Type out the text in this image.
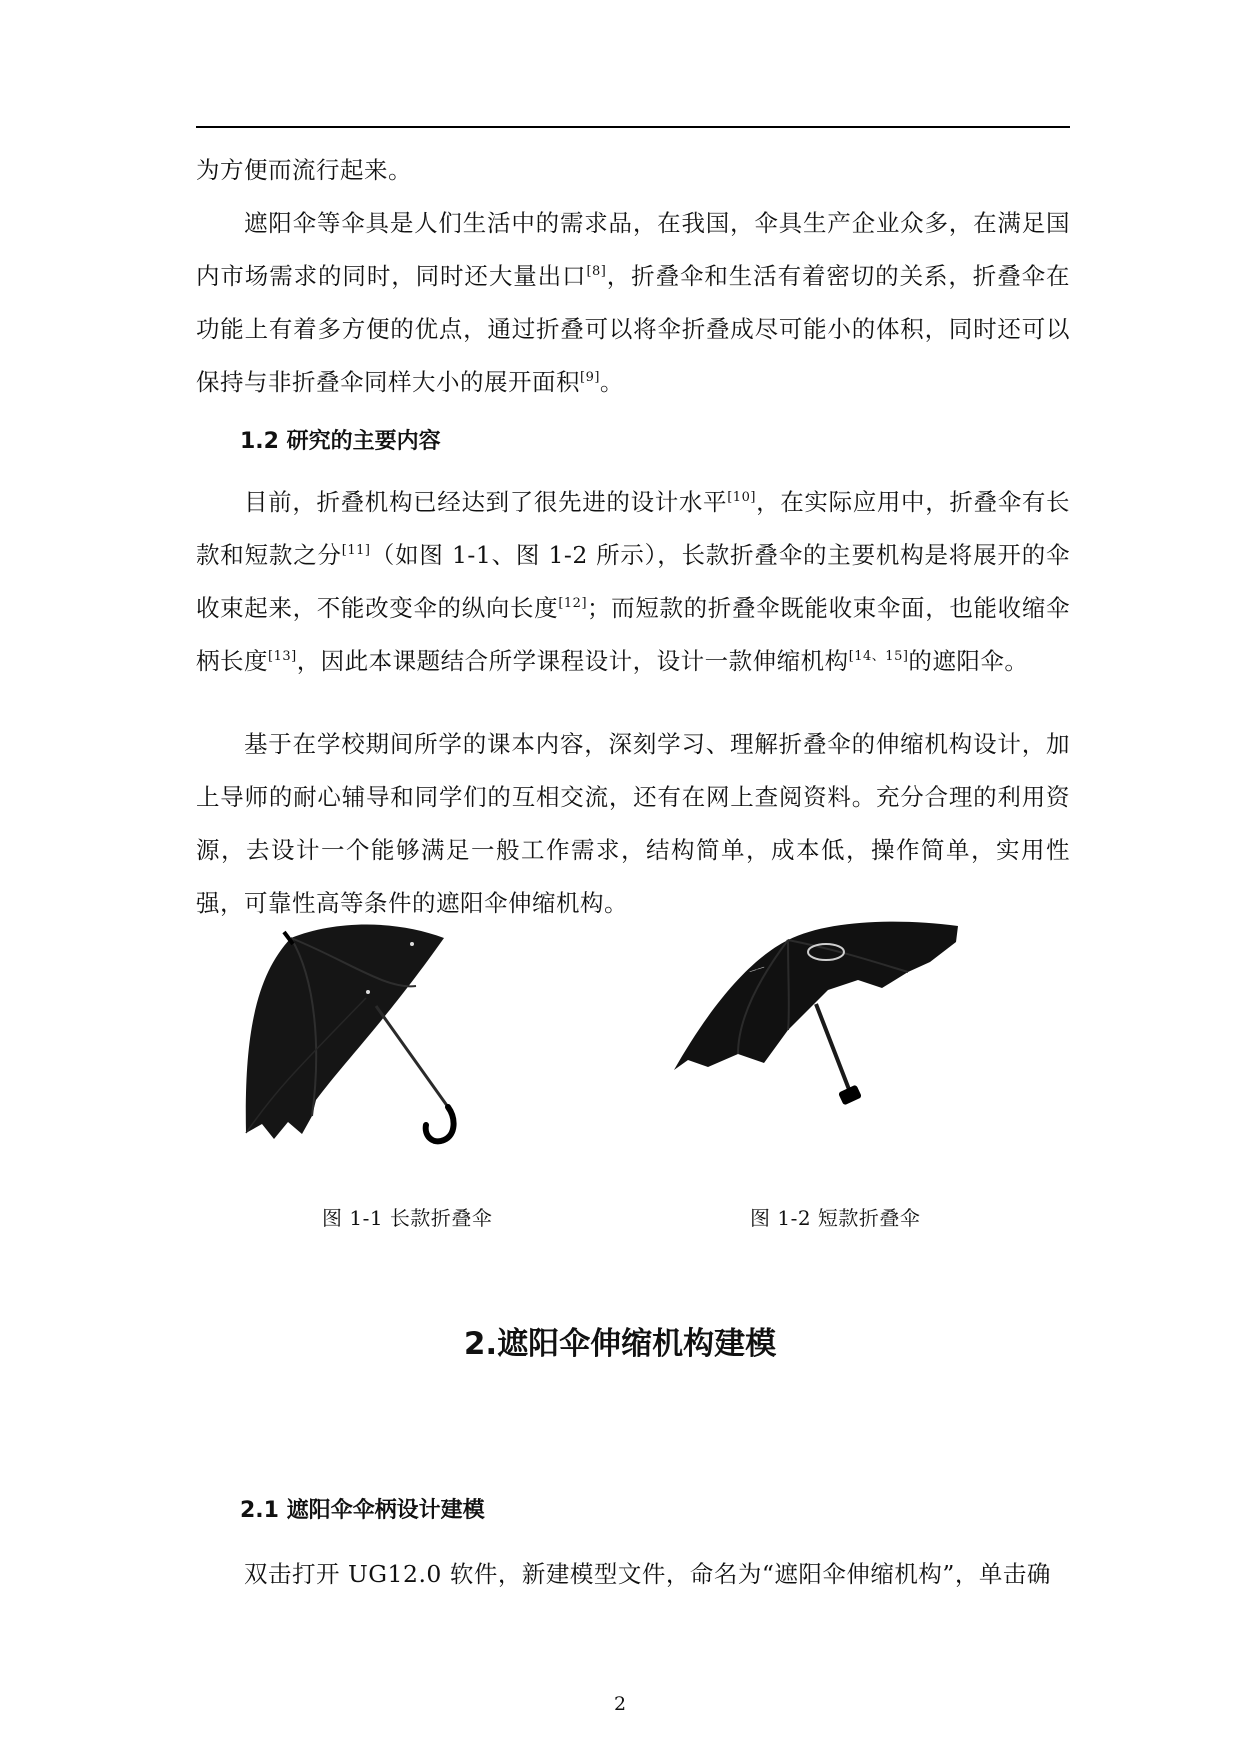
为方便而流行起来。
遮阳伞等伞具是人们生活中的需求品，在我国，伞具生产企业众多，在满足国内市场需求的同时，同时还大量出口[8]，折叠伞和生活有着密切的关系，折叠伞在功能上有着多方便的优点，通过折叠可以将伞折叠成尽可能小的体积，同时还可以保持与非折叠伞同样大小的展开面积[9]。
1.2 研究的主要内容
目前，折叠机构已经达到了很先进的设计水平[10]，在实际应用中，折叠伞有长款和短款之分[11]（如图 1-1、图 1-2 所示），长款折叠伞的主要机构是将展开的伞收束起来，不能改变伞的纵向长度[12]；而短款的折叠伞既能收束伞面，也能收缩伞柄长度[13]，因此本课题结合所学课程设计，设计一款伸缩机构[14、15]的遮阳伞。
基于在学校期间所学的课本内容，深刻学习、理解折叠伞的伸缩机构设计，加上导师的耐心辅导和同学们的互相交流，还有在网上查阅资料。充分合理的利用资源，去设计一个能够满足一般工作需求，结构简单，成本低，操作简单，实用性强，可靠性高等条件的遮阳伞伸缩机构。
——
图 1-1 长款折叠伞	图 1-2 短款折叠伞
2.遮阳伞伸缩机构建模
2.1 遮阳伞伞柄设计建模
双击打开 UG12.0 软件，新建模型文件，命名为“遮阳伞伸缩机构”，单击确
2
